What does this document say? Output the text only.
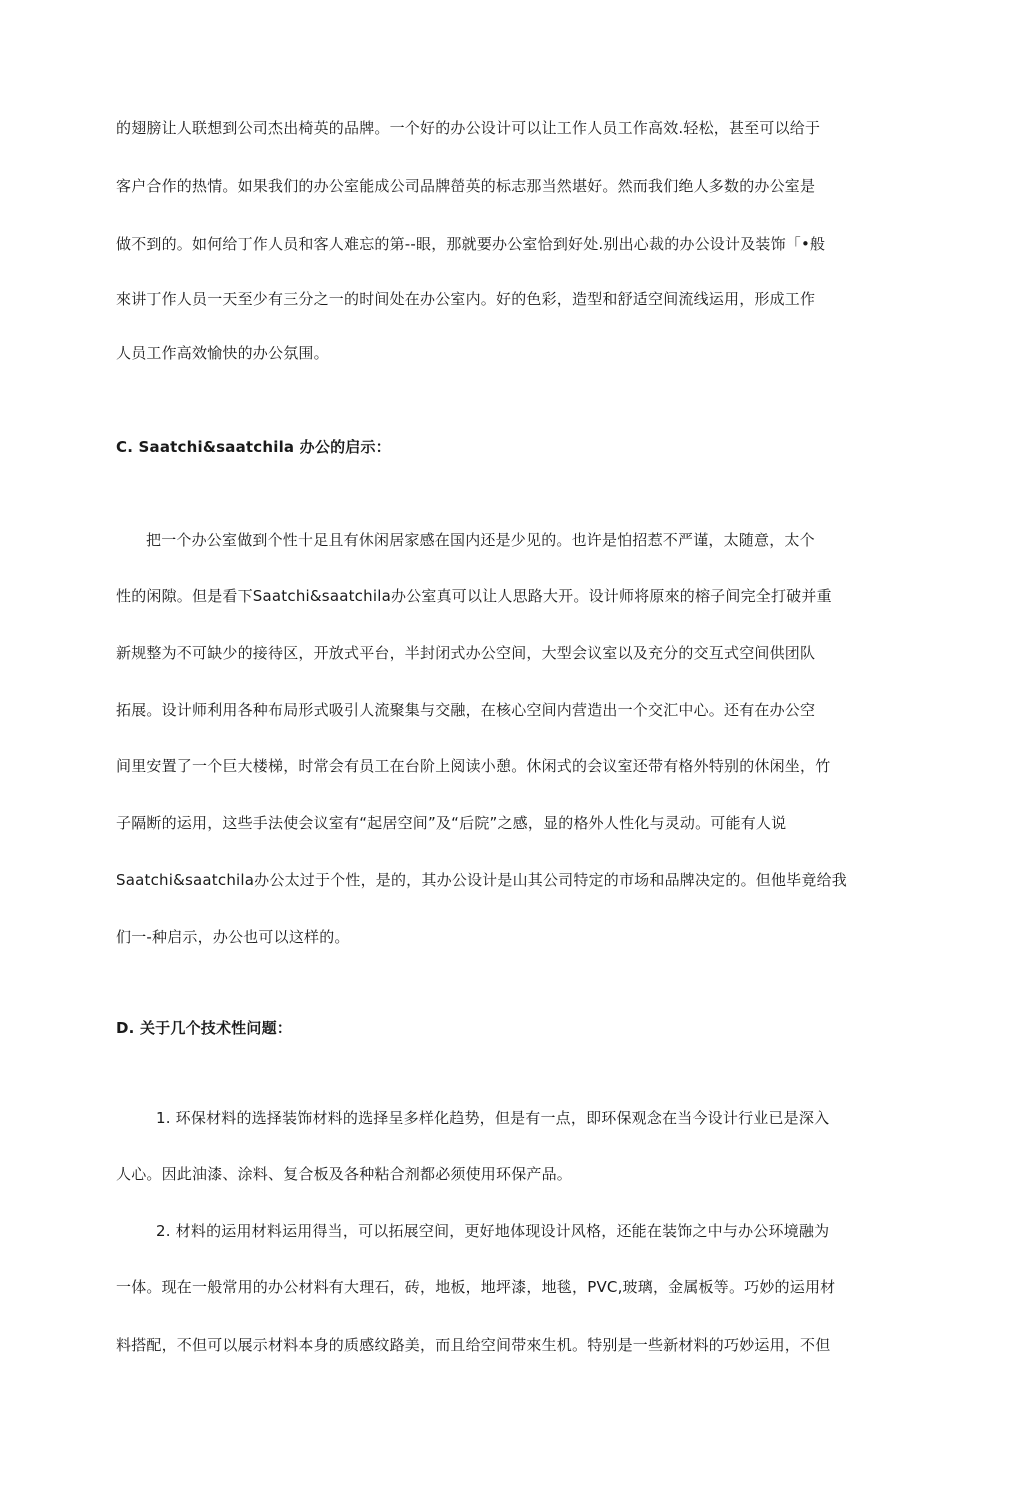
的翅膀让人联想到公司杰出椅英的品牌。一个好的办公设计可以让工作人员工作高效.轻松，甚至可以给于
客户合作的热情。如果我们的办公室能成公司品牌嵤英的标志那当然堪好。然而我们绝人多数的办公室是
做不到的。如何给丁作人员和客人难忘的第--眼，那就要办公室恰到好处.别出心裁的办公设计及装饰「•般
來讲丁作人员一天至少有三分之一的时间处在办公室内。好的色彩，造型和舒适空间流线运用，形成工作
人员工作高效愉快的办公氛围。
C. Saatchi&saatchila 办公的启示：
把一个办公室做到个性十足且有休闲居家感在国内还是少见的。也许是怕招惹不严谨，太随意，太个
性的闲隙。但是看下Saatchi&saatchila办公室真可以让人思路大开。设计师将原來的榕子间完全打破并重
新规整为不可缺少的接待区，开放式平台，半封闭式办公空间，大型会议室以及充分的交互式空间供团队
拓展。设计师利用各种布局形式吸引人流聚集与交融，在核心空间内营造出一个交汇中心。还有在办公空
间里安置了一个巨大楼梯，时常会有员工在台阶上阅读小憩。休闲式的会议室还带有格外特别的休闲坐，竹
子隔断的运用，这些手法使会议室有“起居空间”及“后院”之感，显的格外人性化与灵动。可能有人说
Saatchi&saatchila办公太过于个性，是的，其办公设计是山其公司特定的市场和品牌决定的。但他毕竟给我
们一-种启示，办公也可以这样的。
D. 关于几个技术性问题：
1. 环保材料的选择装饰材料的选择呈多样化趋势，但是有一点，即环保观念在当今设计行业已是深入
人心。因此油漆、涂料、复合板及各种粘合剂都必须使用环保产品。
2. 材料的运用材料运用得当，可以拓展空间，更好地体现设计风格，还能在装饰之中与办公环境融为
一体。现在一般常用的办公材料有大理石，砖，地板，地坪漆，地毯，PVC,玻璃，金属板等。巧妙的运用材
料搭配，不但可以展示材料本身的质感纹路美，而且给空间带來生机。特别是一些新材料的巧妙运用，不但
